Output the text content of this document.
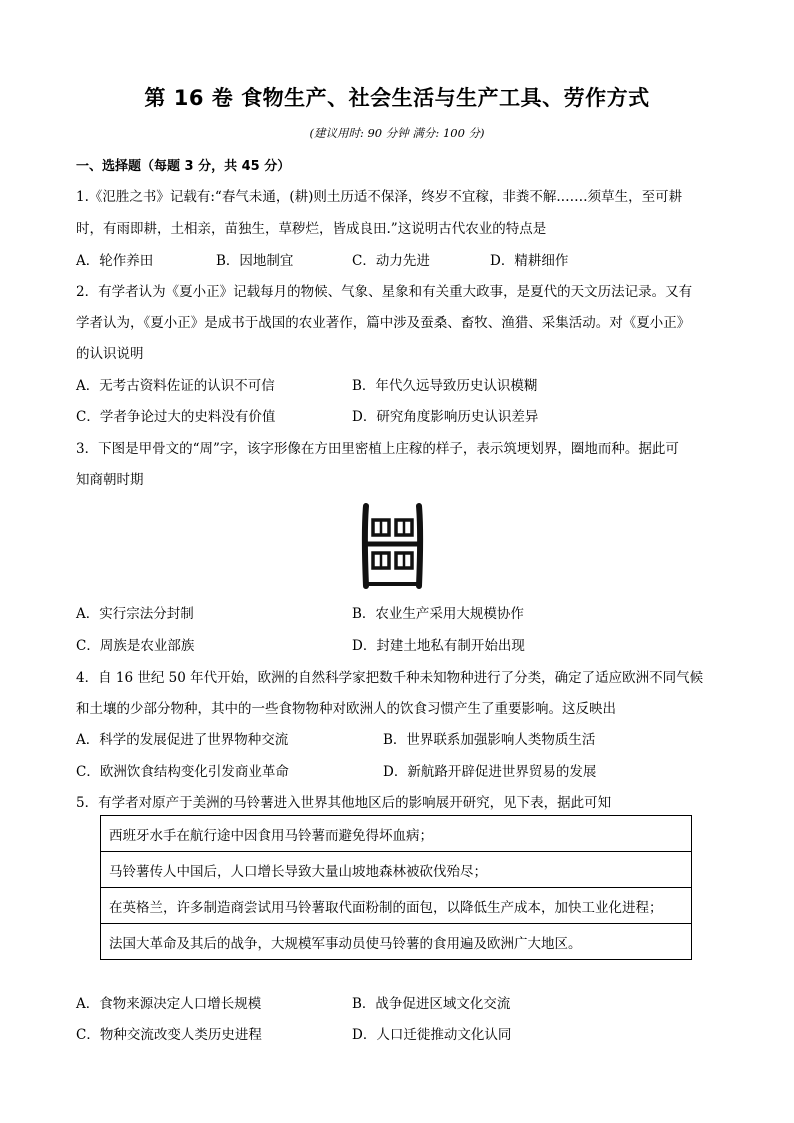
第 16 卷 食物生产、社会生活与生产工具、劳作方式
(建议用时: 90 分钟 满分: 100 分)
一、选择题（每题 3 分，共 45 分）
1.《氾胜之书》记载有:“春气未通，(耕)则土历适不保泽，终岁不宜稼，非粪不解.……须草生，至可耕
时，有雨即耕，土相亲，苗独生，草秽烂，皆成良田.”这说明古代农业的特点是
A．轮作养田	B．因地制宜	C．动力先进	D．精耕细作
2．有学者认为《夏小正》记载每月的物候、气象、星象和有关重大政事，是夏代的天文历法记录。又有
学者认为，《夏小正》是成书于战国的农业著作，篇中涉及蚕桑、畜牧、渔猎、采集活动。对《夏小正》
的认识说明
A．无考古资料佐证的认识不可信	B．年代久远导致历史认识模糊
C．学者争论过大的史料没有价值	D．研究角度影响历史认识差异
3．下图是甲骨文的“周”字，该字形像在方田里密植上庄稼的样子，表示筑埂划界，圈地而种。据此可
知商朝时期
A．实行宗法分封制	B．农业生产采用大规模协作
C．周族是农业部族	D．封建土地私有制开始出现
4．自 16 世纪 50 年代开始，欧洲的自然科学家把数千种未知物种进行了分类，确定了适应欧洲不同气候
和土壤的少部分物种，其中的一些食物物种对欧洲人的饮食习惯产生了重要影响。这反映出
A．科学的发展促进了世界物种交流	B．世界联系加强影响人类物质生活
C．欧洲饮食结构变化引发商业革命	D．新航路开辟促进世界贸易的发展
5．有学者对原产于美洲的马铃薯进入世界其他地区后的影响展开研究，见下表，据此可知
西班牙水手在航行途中因食用马铃薯而避免得坏血病；
马铃薯传人中国后，人口增长导致大量山坡地森林被砍伐殆尽；
在英格兰，许多制造商尝试用马铃薯取代面粉制的面包，以降低生产成本，加快工业化进程；
法国大革命及其后的战争，大规模军事动员使马铃薯的食用遍及欧洲广大地区。
A．食物来源决定人口增长规模	B．战争促进区域文化交流
C．物种交流改变人类历史进程	D．人口迁徙推动文化认同
